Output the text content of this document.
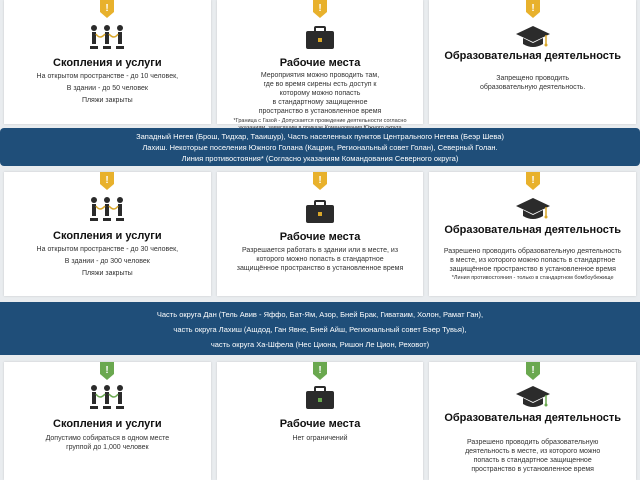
!
Скопления и услуги
На открытом пространстве - до 10 человек,
В здании - до 50 человек
Пляжи закрыты
!
Рабочие места
Мероприятия можно проводить там,
где во время сирены есть доступ к
которому можно попасть
в стандартному защищенное
пространство в установленное время
*Граница с Газой - Допускается проведение деятельности согласно
!
Образовательная деятельность
Запрещено проводить
образовательную деятельность.
Западный Негев (Брош, Тидхар, Тааишур), Часть населенных пунктов Центрального Негева (Беэр Шева)
Лахиш. Некоторые поселения Южного Голана (Кацрин, Региональный совет Голан), Северный Голан.
Линия противостояния* (Согласно указаниям Командования Северного округа)
!
Скопления и услуги
На открытом пространстве - до 30 человек,
В здании - до 300 человек
Пляжи закрыты
!
Рабочие места
Разрешается работать в здании или в месте, из
которого можно попасть в стандартное
защищённое пространство в установленное время
!
Образовательная деятельность
Разрешено проводить образовательную деятельность
в месте, из которого можно попасть в стандартное
защищённое пространство в установленное время
*Линия противостояния - только в стандартном бомбоубежище
Часть округа Дан (Тель Авив - Яффо, Бат-Ям, Азор, Бней Брак, Гиватаим, Холон, Рамат Ган),
часть округа Лахиш (Ашдод, Ган Явне, Бней Айш, Региональный совет Бэер Тувья),
часть округа Ха-Шфела (Нес Циона, Ришон Ле Цион, Реховот)
!
Скопления и услуги
Допустимо собираться в одном месте
группой до 1,000 человек
!
Рабочие места
Нет ограничений
!
Образовательная деятельность
Разрешено проводить образовательную
деятельность в месте, из которого можно
попасть в стандартное защищенное
пространство в установленное время
